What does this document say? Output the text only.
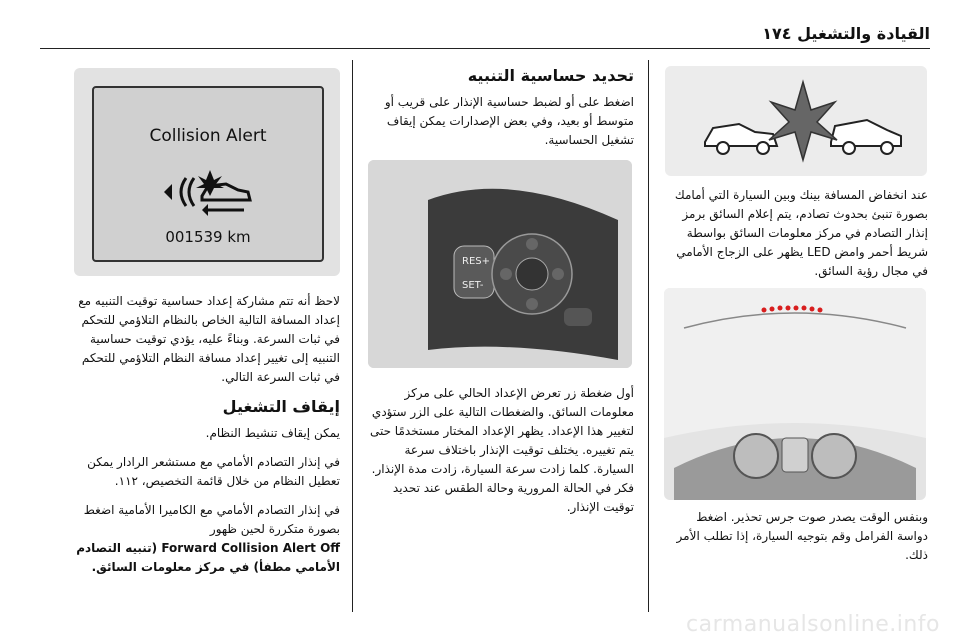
القيادة والتشغيل ١٧٤

عند انخفاض المسافة بينك وبين السيارة التي أمامك بصورة تنبئ بحدوث تصادم، يتم إعلام السائق برمز إنذار التصادم في مركز معلومات السائق بواسطة شريط أحمر وامض LED يظهر على الزجاج الأمامي في مجال رؤية السائق.

وبنفس الوقت يصدر صوت جرس تحذير. اضغط دواسة الفرامل وقم بتوجيه السيارة، إذا تطلب الأمر ذلك.

تحديد حساسية التنبيه

اضغط على أو لضبط حساسية الإنذار على قريب أو متوسط أو بعيد، وفي بعض الإصدارات يمكن إيقاف تشغيل الحساسية.

RES+
SET-

أول ضغطة زر تعرض الإعداد الحالي على مركز معلومات السائق. والضغطات التالية على الزر ستؤدي لتغيير هذا الإعداد. يظهر الإعداد المختار مستخدمًا حتى يتم تغييره. يختلف توقيت الإنذار باختلاف سرعة السيارة. كلما زادت سرعة السيارة، زادت مدة الإنذار. فكر في الحالة المرورية وحالة الطقس عند تحديد توقيت الإنذار.

Collision Alert
001539 km

لاحظ أنه تتم مشاركة إعداد حساسية توقيت التنبيه مع إعداد المسافة التالية الخاص بالنظام التلاؤمي للتحكم في ثبات السرعة. وبناءً عليه، يؤدي توقيت حساسية التنبيه إلى تغيير إعداد مسافة النظام التلاؤمي للتحكم في ثبات السرعة التالي.

إيقاف التشغيل

يمكن إيقاف تنشيط النظام.

في إنذار التصادم الأمامي مع مستشعر الرادار يمكن تعطيل النظام من خلال قائمة التخصيص، ١١٢.

في إنذار التصادم الأمامي مع الكاميرا الأمامية اضغط بصورة متكررة لحين ظهور

Forward Collision Alert Off (تنبيه التصادم الأمامي مطفأ) في مركز معلومات السائق.

carmanualsonline.info
